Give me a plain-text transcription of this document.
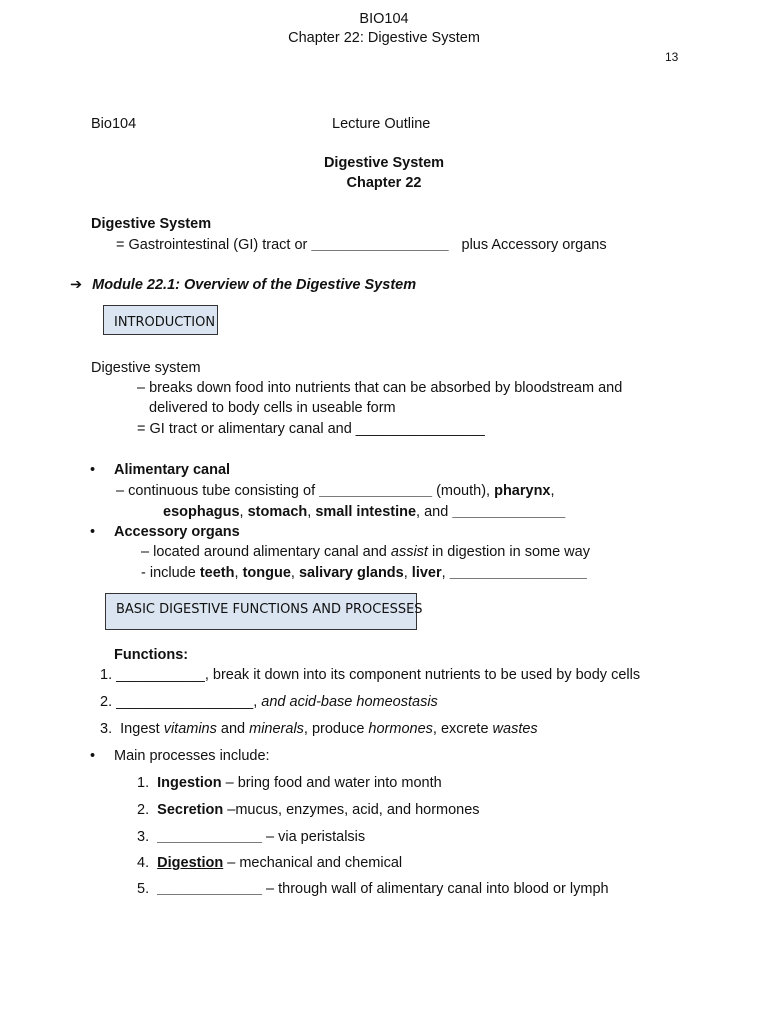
BIO104
Chapter 22: Digestive System
13
Bio104	Lecture Outline
Digestive System
Chapter 22
Digestive System
= Gastrointestinal (GI) tract or _________________ plus Accessory organs
➔ Module 22.1: Overview of the Digestive System
INTRODUCTION
Digestive system
– breaks down food into nutrients that can be absorbed by bloodstream and
delivered to body cells in useable form
= GI tract or alimentary canal and ________________
• Alimentary canal
– continuous tube consisting of ______________ (mouth), pharynx,
esophagus, stomach, small intestine, and ______________
• Accessory organs
– located around alimentary canal and assist in digestion in some way
- include teeth, tongue, salivary glands, liver, _________________
BASIC DIGESTIVE FUNCTIONS AND PROCESSES
Functions:
1. ___________, break it down into its component nutrients to be used by body cells
2. _________________, and acid-base homeostasis
3. Ingest vitamins and minerals, produce hormones, excrete wastes
• Main processes include:
1. Ingestion – bring food and water into month
2. Secretion –mucus, enzymes, acid, and hormones
3. _____________ – via peristalsis
4. Digestion – mechanical and chemical
5. _____________ – through wall of alimentary canal into blood or lymph
